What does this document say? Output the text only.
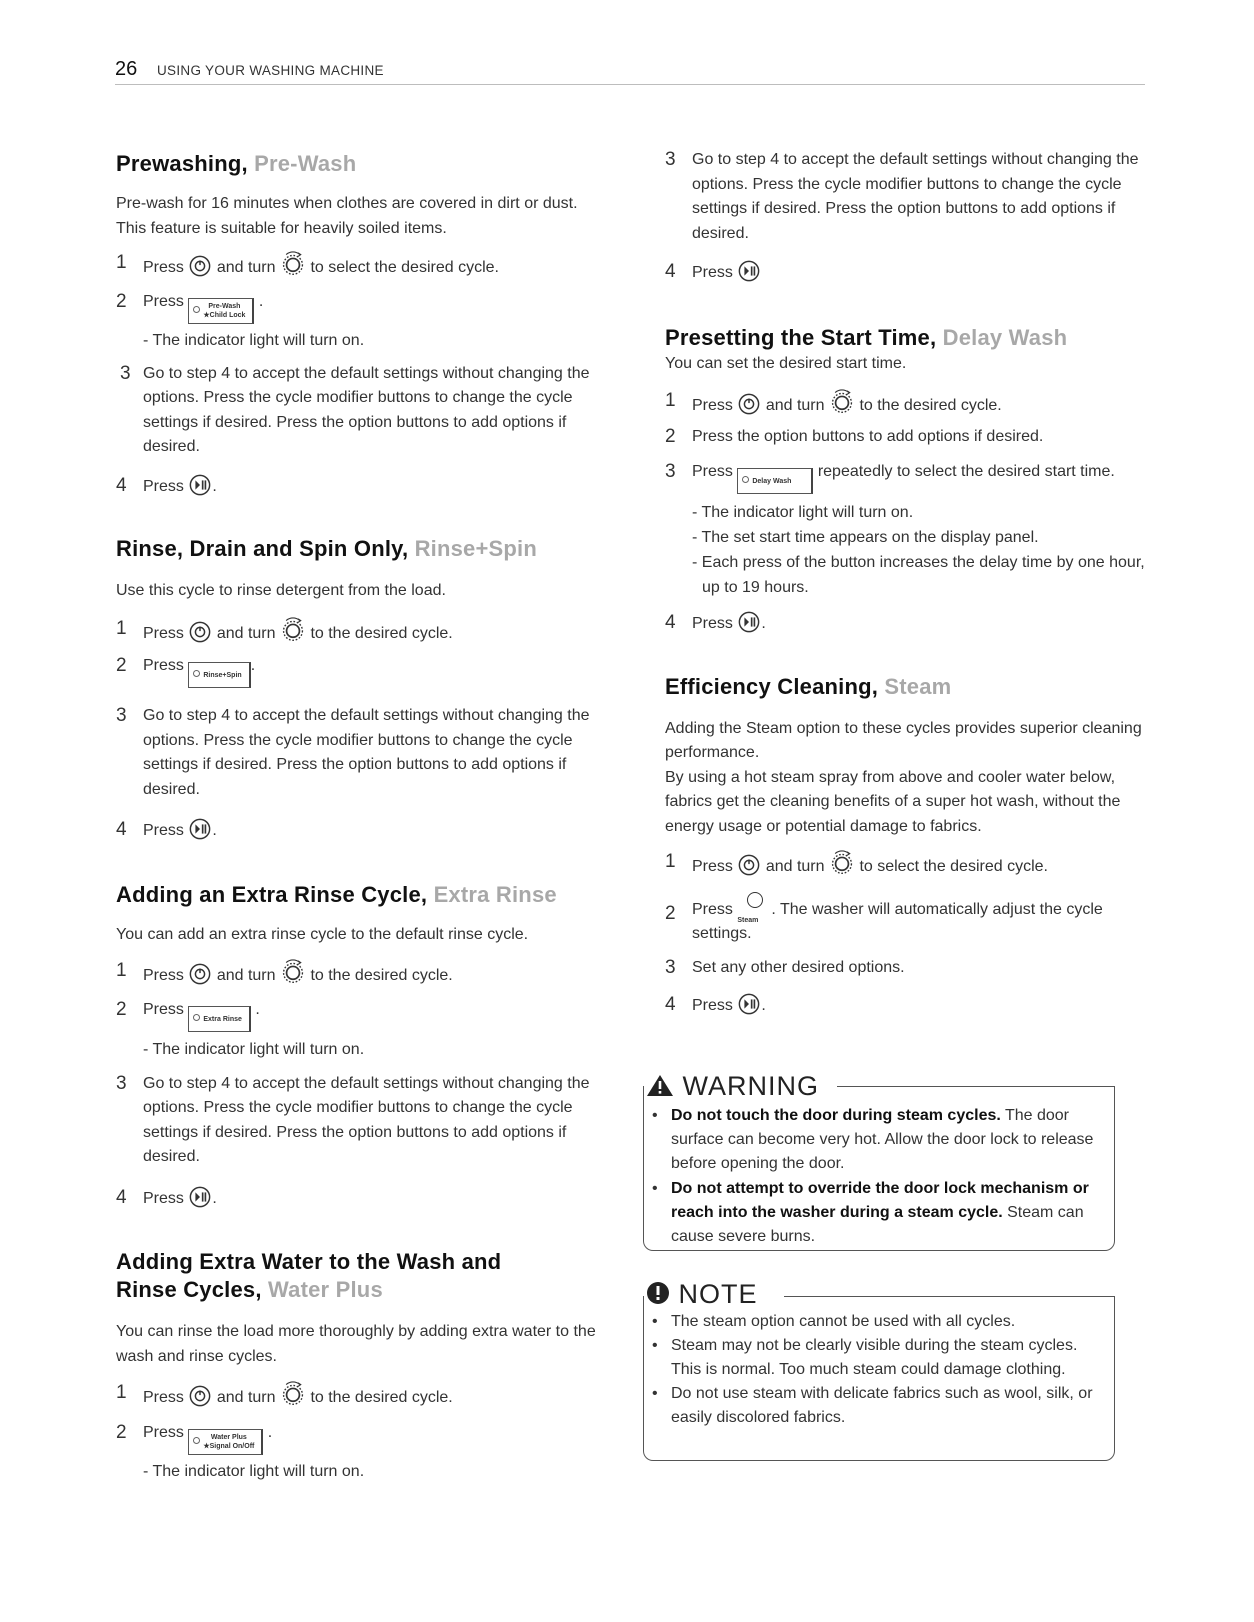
26 USING YOUR WASHING MACHINE
Prewashing, Pre-Wash

Pre-wash for 16 minutes when clothes are covered in dirt or dust. This feature is suitable for heavily soiled items.

1 Press and turn to select the desired cycle.
2 Press	Pre-Wash
★Child Lock .
- The indicator light will turn on.
3 Go to step 4 to accept the default settings without changing the options. Press the cycle modifier buttons to change the cycle settings if desired. Press the option buttons to add options if desired.
4 Press .
Rinse, Drain and Spin Only, Rinse+Spin

Use this cycle to rinse detergent from the load.

1 Press and turn to the desired cycle.
2 Press Rinse+Spin.
3 Go to step 4 to accept the default settings without changing the options. Press the cycle modifier buttons to change the cycle settings if desired. Press the option buttons to add options if desired.
4 Press .
Adding an Extra Rinse Cycle, Extra Rinse

You can add an extra rinse cycle to the default rinse cycle.

1 Press and turn to the desired cycle.
2 Press Extra Rinse .
- The indicator light will turn on.
3 Go to step 4 to accept the default settings without changing the options. Press the cycle modifier buttons to change the cycle settings if desired. Press the option buttons to add options if desired.
4 Press .
Adding Extra Water to the Wash and
Rinse Cycles, Water Plus

You can rinse the load more thoroughly by adding extra water to the wash and rinse cycles.

1 Press and turn to the desired cycle.
2 Press	Water Plus
★Signal On/Off .
- The indicator light will turn on.
3 Go to step 4 to accept the default settings without changing the options. Press the cycle modifier buttons to change the cycle settings if desired. Press the option buttons to add options if desired.
4 Press
Presetting the Start Time, Delay Wash

You can set the desired start time.

1 Press and turn to the desired cycle.
2 Press the option buttons to add options if desired.
3 Press Delay Wash repeatedly to select the desired start time.
- The indicator light will turn on.
- The set start time appears on the display panel.
- Each press of the button increases the delay time by one hour, up to 19 hours.
4 Press .
Efficiency Cleaning, Steam

Adding the Steam option to these cycles provides superior cleaning performance.

By using a hot steam spray from above and cooler water below, fabrics get the cleaning benefits of a super hot wash, without the energy usage or potential damage to fabrics.

1 Press and turn to select the desired cycle.
2 Press
Steam
. The washer will automatically adjust the cycle settings.
3 Set any other desired options.
4 Press .
WARNING
• Do not touch the door during steam cycles. The door surface can become very hot. Allow the door lock to release before opening the door.
• Do not attempt to override the door lock mechanism or reach into the washer during a steam cycle. Steam can cause severe burns.
NOTE
• The steam option cannot be used with all cycles.
• Steam may not be clearly visible during the steam cycles. This is normal. Too much steam could damage clothing.
• Do not use steam with delicate fabrics such as wool, silk, or easily discolored fabrics.
